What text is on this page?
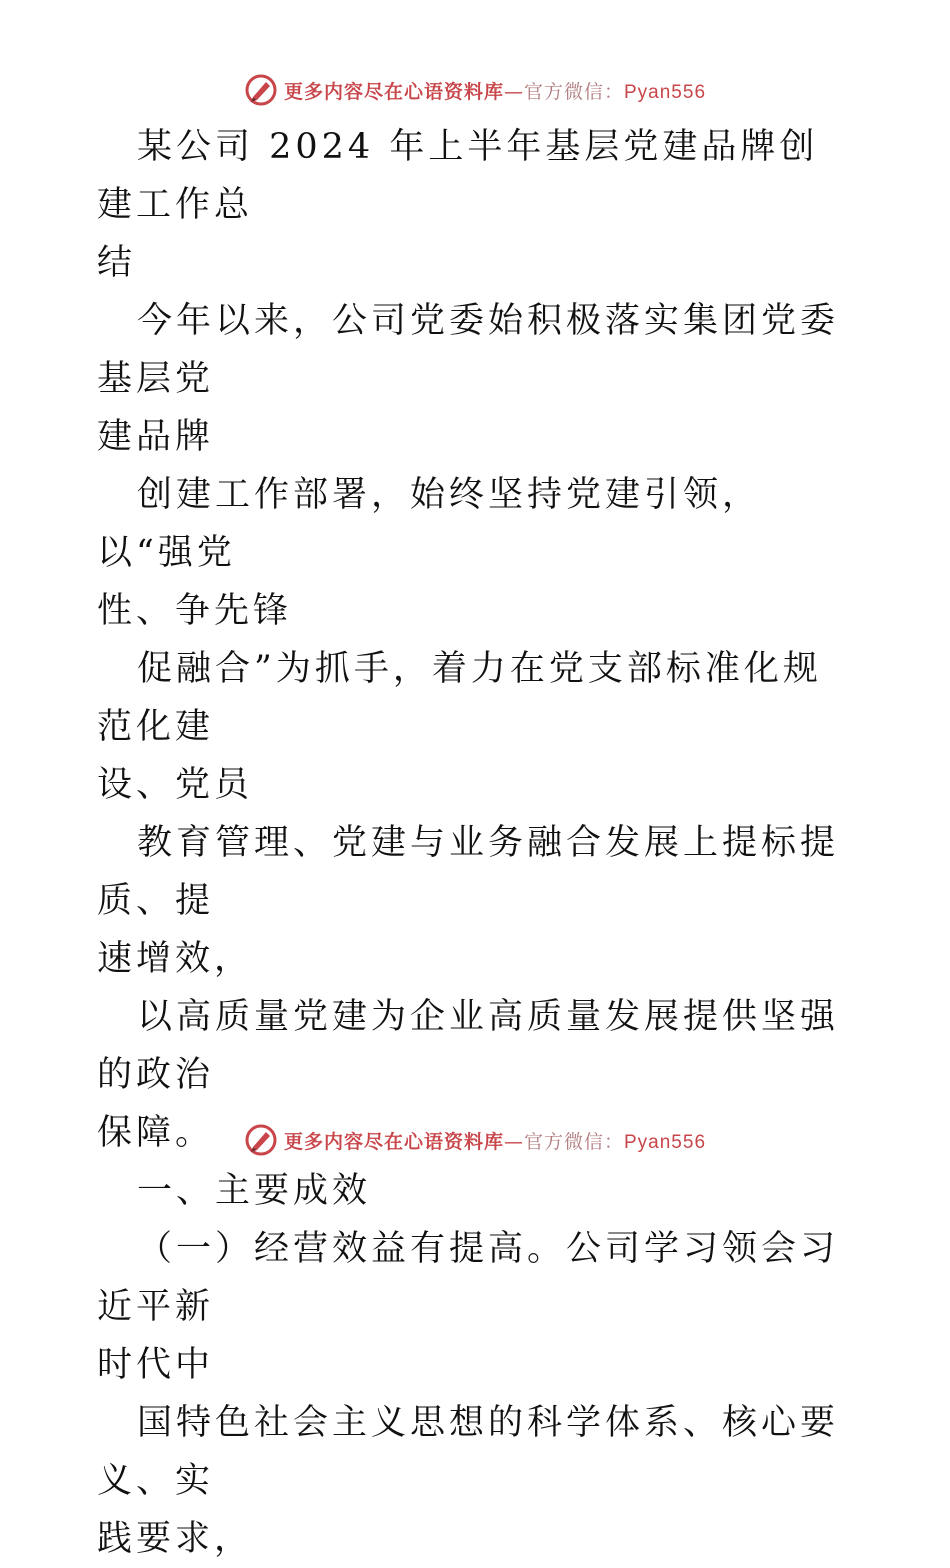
更多内容尽在心语资料库—官方微信：Pyan556

某公司 2024 年上半年基层党建品牌创建工作总
结

今年以来，公司党委始积极落实集团党委基层党
建品牌

创建工作部署，始终坚持党建引领，以“强党
性、争先锋

促融合”为抓手，着力在党支部标准化规范化建
设、党员

教育管理、党建与业务融合发展上提标提质、提
速增效，

以高质量党建为企业高质量发展提供坚强的政治
保障。

一、主要成效

（一）经营效益有提高。公司学习领会习近平新
时代中

国特色社会主义思想的科学体系、核心要义、实
践要求，

更多内容尽在心语资料库—官方微信：Pyan556
